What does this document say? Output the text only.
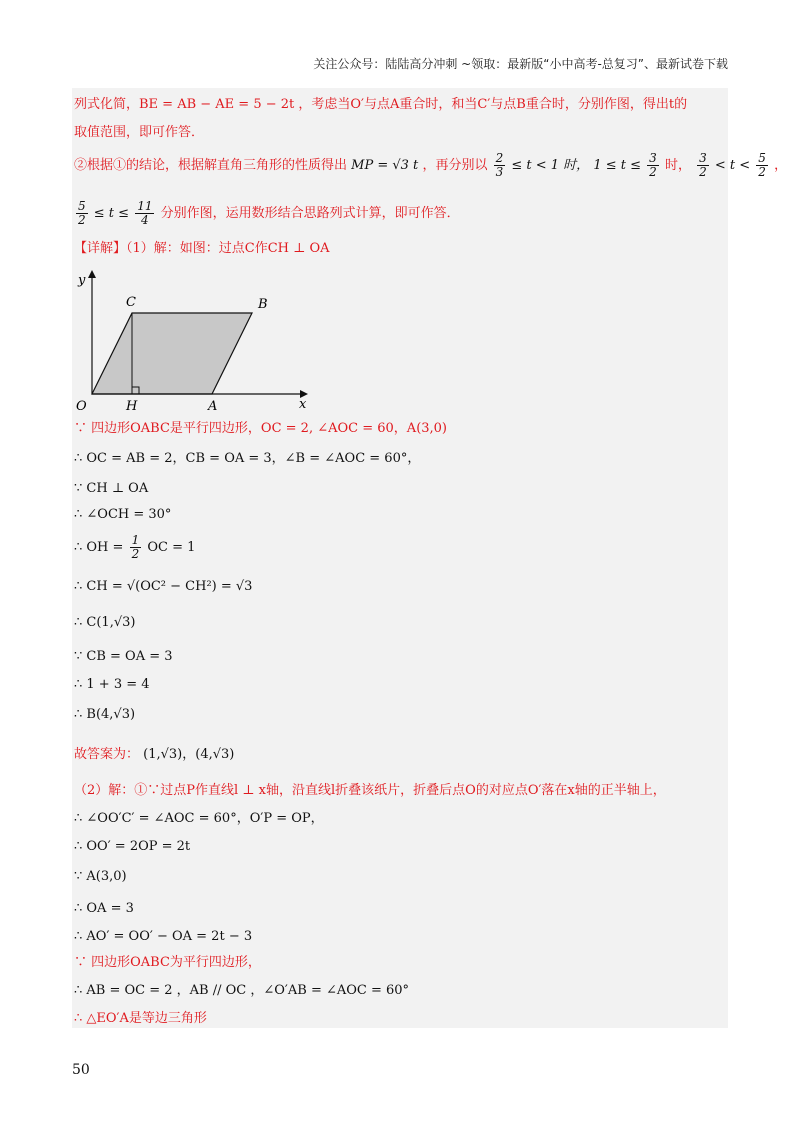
关注公众号：陆陆高分冲刺 ~领取：最新版“小中高考-总复习”、最新试卷下载
列式化简，BE = AB − AE = 5 − 2t ，考虑当O′与点A重合时，和当C′与点B重合时，分别作图，得出t的
取值范围，即可作答．
②根据①的结论，根据解直角三角形的性质得出 MP = √3 t ，再分别以 $\frac{2}{3} \le t < 1$ 时， $1 \le t \le \frac{3}{2}$ 时， $\frac{3}{2} < t < \frac{5}{2}$ ，
$\frac{5}{2} \le t \le \frac{11}{4}$ 分别作图，运用数形结合思路列式计算，即可作答．
【详解】（1）解：如图：过点C作CH ⊥ OA
y
x
O	H	A
C	B
∵ 四边形OABC是平行四边形，OC = 2, ∠AOC = 60，A(3,0)
∴ OC = AB = 2，CB = OA = 3，∠B = ∠AOC = 60°，
∵ CH ⊥ OA
∴ ∠OCH = 30°
∴ OH = $\frac{1}{2}$ OC = 1
∴ CH = √(OC² − CH²) = √3
∴ C(1,√3)
∵ CB = OA = 3
∴ 1 + 3 = 4
∴ B(4,√3)
故答案为： (1,√3)，(4,√3)
（2）解：①∵过点P作直线l ⊥ x轴，沿直线l折叠该纸片，折叠后点O的对应点O′落在x轴的正半轴上，
∴ ∠OO′C′ = ∠AOC = 60°，O′P = OP，
∴ OO′ = 2OP = 2t
∵ A(3,0)
∴ OA = 3
∴ AO′ = OO′ − OA = 2t − 3
∵ 四边形OABC为平行四边形，
∴ AB = OC = 2 ，AB // OC ，∠O′AB = ∠AOC = 60°
∴ △EO′A是等边三角形
50
